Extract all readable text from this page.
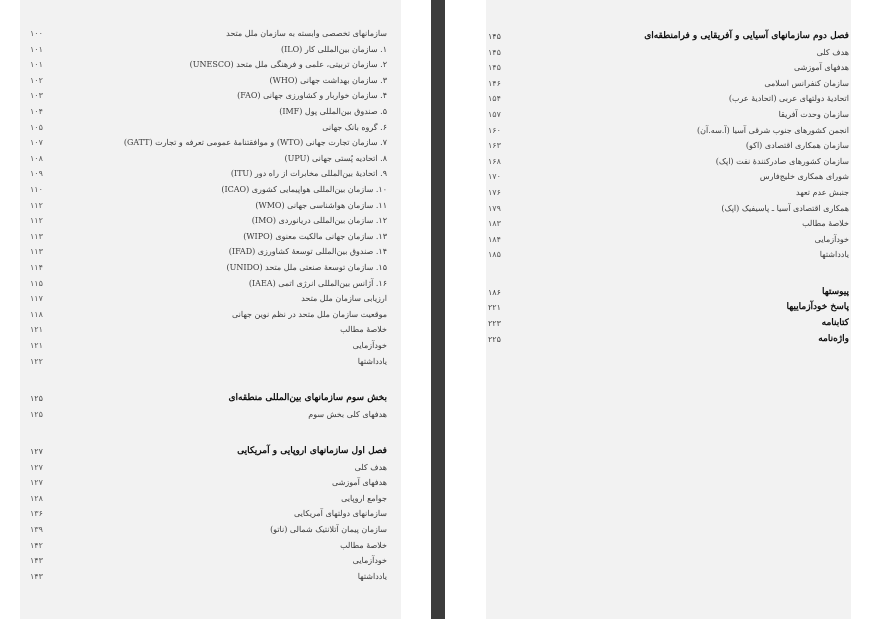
۱۰۰	سازمانهای تخصصی وابسته به سازمان ملل متحد
۱۰۱	۱. سازمان بین‌المللی کار (ILO)
۱۰۱	۲. سازمان تربیتی، علمی و فرهنگی ملل متحد (UNESCO)
۱۰۲	۳. سازمان بهداشت جهانی (WHO)
۱۰۳	۴. سازمان خواربار و کشاورزی جهانی (FAO)
۱۰۴	۵. صندوق بین‌المللی پول (IMF)
۱۰۵	۶. گروه بانک جهانی
۱۰۷	۷. سازمان تجارت جهانی (WTO) و موافقتنامهٔ عمومی تعرفه و تجارت (GATT)
۱۰۸	۸. اتحادیه پُستی جهانی (UPU)
۱۰۹	۹. اتحادیهٔ بین‌المللی مخابرات از راه دور (ITU)
۱۱۰	۱۰. سازمان بین‌المللی هواپیمایی کشوری (ICAO)
۱۱۲	۱۱. سازمان هواشناسی جهانی (WMO)
۱۱۲	۱۲. سازمان بین‌المللی دریانوردی (IMO)
۱۱۳	۱۳. سازمان جهانی مالکیت معنوی (WIPO)
۱۱۳	۱۴. صندوق بین‌المللی توسعهٔ کشاورزی (IFAD)
۱۱۴	۱۵. سازمان توسعهٔ صنعتی ملل متحد (UNIDO)
۱۱۵	۱۶. آژانس بین‌المللی انرژی اتمی (IAEA)
۱۱۷	ارزیابی سازمان ملل متحد
۱۱۸	موقعیت سازمان ملل متحد در نظم نوین جهانی
۱۲۱	خلاصهٔ مطالب
۱۲۱	خودآزمایی
۱۲۲	یادداشتها
۱۲۵	بخش سوم سازمانهای بین‌المللی منطقه‌ای
۱۲۵	هدفهای کلی بخش سوم
۱۲۷	فصل اول سازمانهای اروپایی و آمریکایی
۱۲۷	هدف کلی
۱۲۷	هدفهای آموزشی
۱۲۸	جوامع اروپایی
۱۳۶	سازمانهای دولتهای آمریکایی
۱۳۹	سازمان پیمان آتلانتیک شمالی (ناتو)
۱۴۲	خلاصهٔ مطالب
۱۴۳	خودآزمایی
۱۴۳	یادداشتها
۱۴۵	فصل دوم سازمانهای آسیایی و آفریقایی و فرامنطقه‌ای
۱۴۵	هدف کلی
۱۴۵	هدفهای آموزشی
۱۴۶	سازمان کنفرانس اسلامی
۱۵۴	اتحادیهٔ دولتهای عربی (اتحادیهٔ عرب)
۱۵۷	سازمان وحدت آفریقا
۱۶۰	انجمن کشورهای جنوب شرقی آسیا (آ.سه.آن)
۱۶۳	سازمان همکاری اقتصادی (اکو)
۱۶۸	سازمان کشورهای صادرکنندهٔ نفت (اپک)
۱۷۰	شورای همکاری خلیج‌فارس
۱۷۶	جنبش عدم تعهد
۱۷۹	همکاری اقتصادی آسیا ـ پاسیفیک (اپک)
۱۸۳	خلاصهٔ مطالب
۱۸۴	خودآزمایی
۱۸۵	یادداشتها
۱۸۶	پیوستها
۲۲۱	پاسخ خودآزماییها
۲۲۳	کتابنامه
۲۲۵	واژه‌نامه
